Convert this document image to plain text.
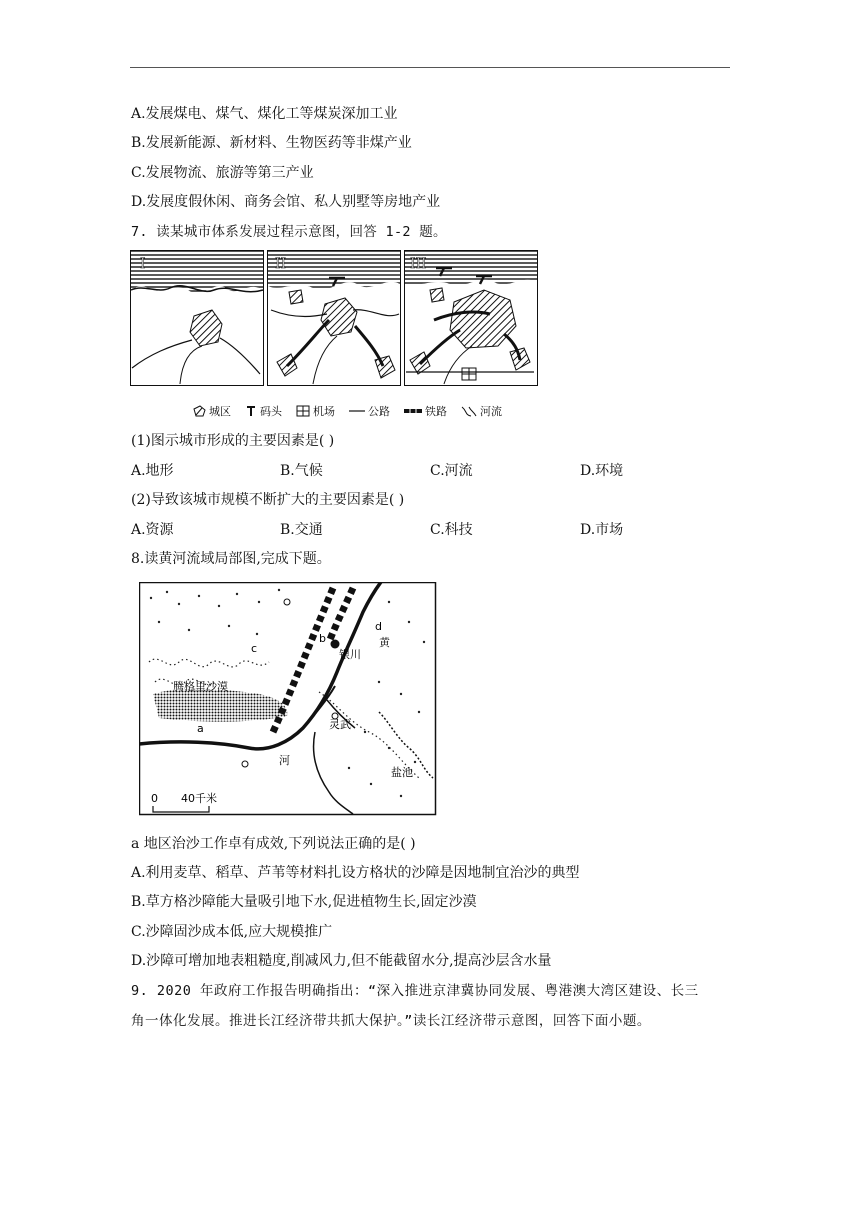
A.发展煤电、煤气、煤化工等煤炭深加工业
B.发展新能源、新材料、生物医药等非煤产业
C.发展物流、旅游等第三产业
D.发展度假休闲、商务会馆、私人别墅等房地产业
7. 读某城市体系发展过程示意图，回答 1-2 题。
I	II	III
城区	码头	机场	公路	铁路	河流
(1)图示城市形成的主要因素是( )
A.地形	B.气候	C.河流	D.环境
(2)导致该城市规模不断扩大的主要因素是( )
A.资源	B.交通	C.科技	D.市场
8.读黄河流域局部图,完成下题。
腾格里沙漠
银川
灵武
盐池
黄
河
a
b
c
d
0 40千米
a 地区治沙工作卓有成效,下列说法正确的是( )
A.利用麦草、稻草、芦苇等材料扎设方格状的沙障是因地制宜治沙的典型
B.草方格沙障能大量吸引地下水,促进植物生长,固定沙漠
C.沙障固沙成本低,应大规模推广
D.沙障可增加地表粗糙度,削减风力,但不能截留水分,提高沙层含水量
9. 2020 年政府工作报告明确指出：“深入推进京津冀协同发展、粤港澳大湾区建设、长三
角一体化发展。推进长江经济带共抓大保护。”读长江经济带示意图，回答下面小题。
